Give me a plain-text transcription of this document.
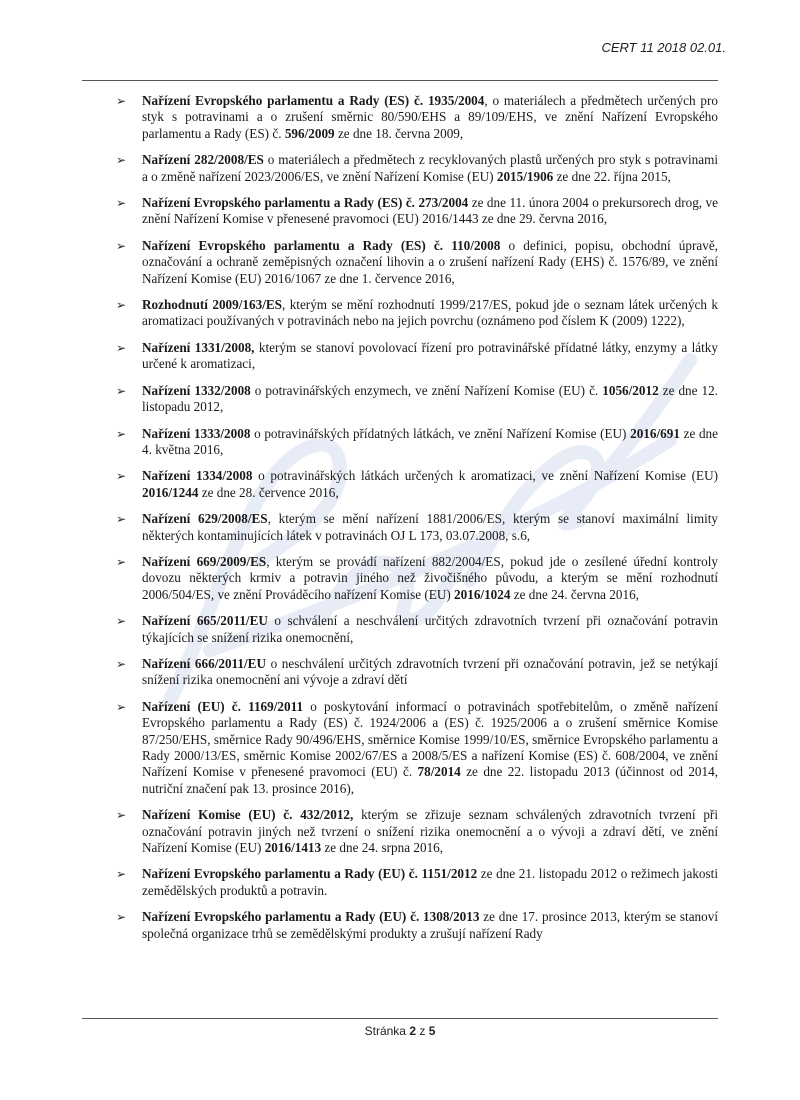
CERT 11 2018 02.01.
➢ Nařízení Evropského parlamentu a Rady (ES) č. 1935/2004, o materiálech a předmětech určených pro styk s potravinami a o zrušení směrnic 80/590/EHS a 89/109/EHS, ve znění Nařízení Evropského parlamentu a Rady (ES) č. 596/2009 ze dne 18. června 2009,
➢ Nařízení 282/2008/ES o materiálech a předmětech z recyklovaných plastů určených pro styk s potravinami a o změně nařízení 2023/2006/ES, ve znění Nařízení Komise (EU) 2015/1906 ze dne 22. října 2015,
➢ Nařízení Evropského parlamentu a Rady (ES) č. 273/2004 ze dne 11. února 2004 o prekursorech drog, ve znění Nařízení Komise v přenesené pravomoci (EU) 2016/1443 ze dne 29. června 2016,
➢ Nařízení Evropského parlamentu a Rady (ES) č. 110/2008 o definici, popisu, obchodní úpravě, označování a ochraně zeměpisných označení lihovin a o zrušení nařízení Rady (EHS) č. 1576/89, ve znění Nařízení Komise (EU) 2016/1067 ze dne 1. července 2016,
➢ Rozhodnutí 2009/163/ES, kterým se mění rozhodnutí 1999/217/ES, pokud jde o seznam látek určených k aromatizaci používaných v potravinách nebo na jejich povrchu (oznámeno pod číslem K (2009) 1222),
➢ Nařízení 1331/2008, kterým se stanoví povolovací řízení pro potravinářské přídatné látky, enzymy a látky určené k aromatizaci,
➢ Nařízení 1332/2008 o potravinářských enzymech, ve znění Nařízení Komise (EU) č. 1056/2012 ze dne 12. listopadu 2012,
➢ Nařízení 1333/2008 o potravinářských přídatných látkách, ve znění Nařízení Komise (EU) 2016/691 ze dne 4. května 2016,
➢ Nařízení 1334/2008 o potravinářských látkách určených k aromatizaci, ve znění Nařízení Komise (EU) 2016/1244 ze dne 28. července 2016,
➢ Nařízení 629/2008/ES, kterým se mění nařízení 1881/2006/ES, kterým se stanoví maximální limity některých kontaminujících látek v potravinách OJ L 173, 03.07.2008, s.6,
➢ Nařízení 669/2009/ES, kterým se provádí nařízení 882/2004/ES, pokud jde o zesílené úřední kontroly dovozu některých krmiv a potravin jiného než živočišného původu, a kterým se mění rozhodnutí 2006/504/ES, ve znění Prováděcího nařízení Komise (EU) 2016/1024 ze dne 24. června 2016,
➢ Nařízení 665/2011/EU o schválení a neschválení určitých zdravotních tvrzení při označování potravin týkajících se snížení rizika onemocnění,
➢ Nařízení 666/2011/EU o neschválení určitých zdravotních tvrzení při označování potravin, jež se netýkají snížení rizika onemocnění ani vývoje a zdraví dětí
➢ Nařízení (EU) č. 1169/2011 o poskytování informací o potravinách spotřebitelům, o změně nařízení Evropského parlamentu a Rady (ES) č. 1924/2006 a (ES) č. 1925/2006 a o zrušení směrnice Komise 87/250/EHS, směrnice Rady 90/496/EHS, směrnice Komise 1999/10/ES, směrnice Evropského parlamentu a Rady 2000/13/ES, směrnic Komise 2002/67/ES a 2008/5/ES a nařízení Komise (ES) č. 608/2004, ve znění Nařízení Komise v přenesené pravomoci (EU) č. 78/2014 ze dne 22. listopadu 2013 (účinnost od 2014, nutriční značení pak 13. prosince 2016),
➢ Nařízení Komise (EU) č. 432/2012, kterým se zřizuje seznam schválených zdravotních tvrzení při označování potravin jiných než tvrzení o snížení rizika onemocnění a o vývoji a zdraví dětí, ve znění Nařízení Komise (EU) 2016/1413 ze dne 24. srpna 2016,
➢ Nařízení Evropského parlamentu a Rady (EU) č. 1151/2012 ze dne 21. listopadu 2012 o režimech jakosti zemědělských produktů a potravin.
➢ Nařízení Evropského parlamentu a Rady (EU) č. 1308/2013 ze dne 17. prosince 2013, kterým se stanoví společná organizace trhů se zemědělskými produkty a zrušují nařízení Rady
Stránka 2 z 5
